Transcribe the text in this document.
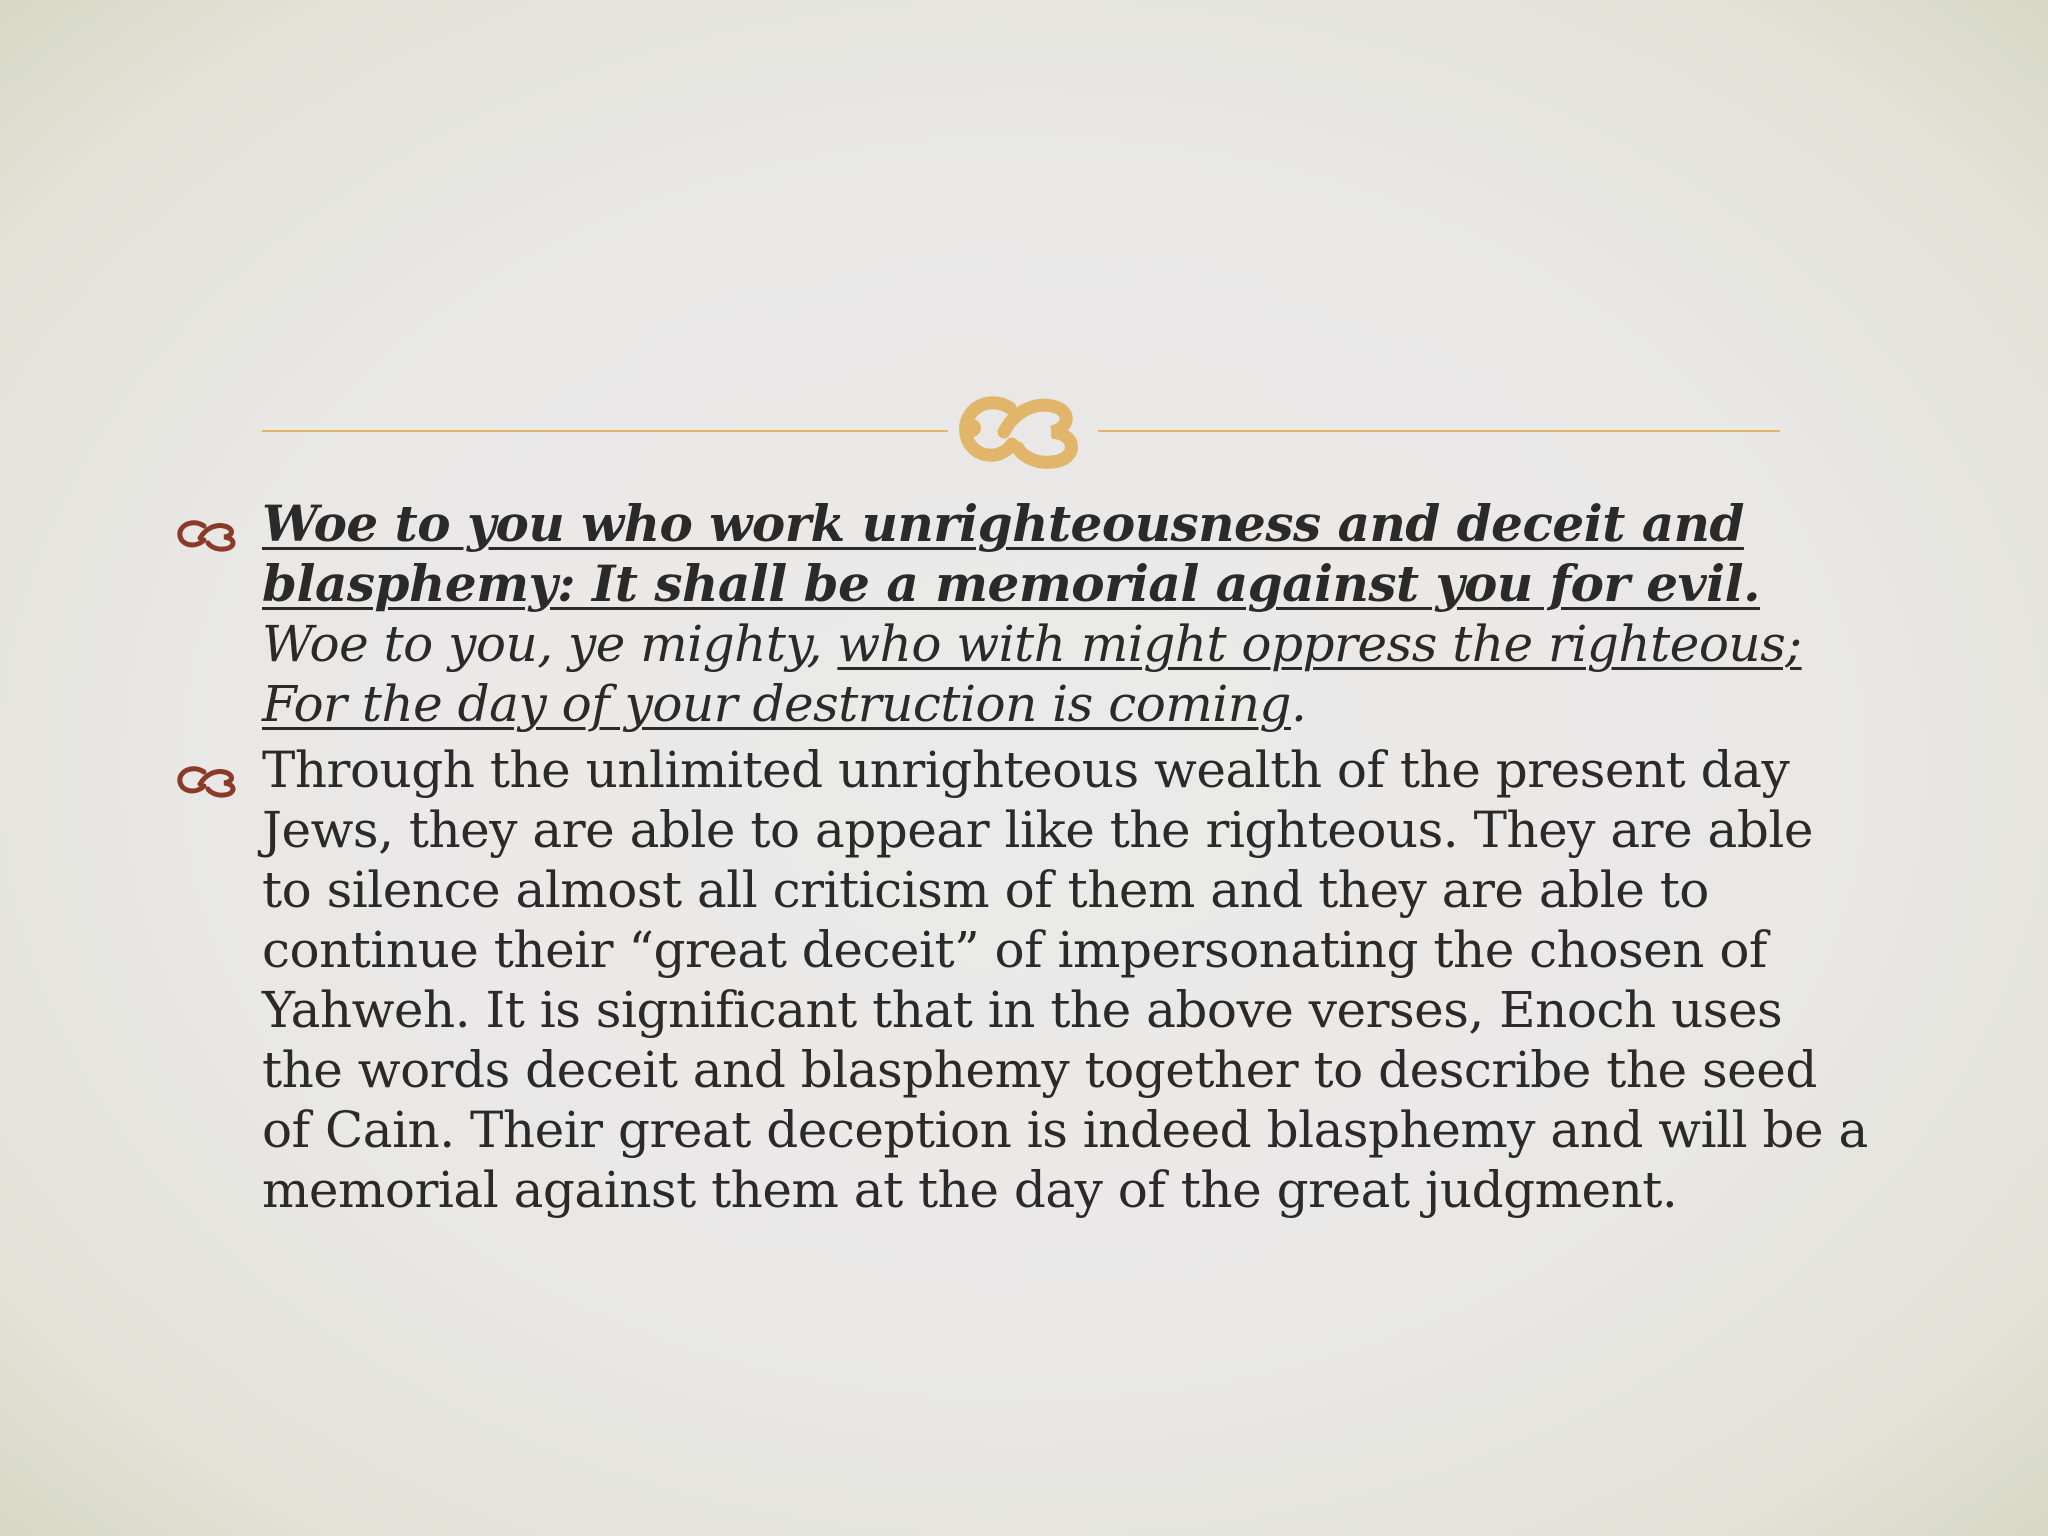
Woe to you who work unrighteousness and deceit and blasphemy: It shall be a memorial against you for evil. Woe to you, ye mighty, who with might oppress the righteous; For the day of your destruction is coming.
Through the unlimited unrighteous wealth of the present day Jews, they are able to appear like the righteous. They are able to silence almost all criticism of them and they are able to continue their “great deceit” of impersonating the chosen of Yahweh. It is significant that in the above verses, Enoch uses the words deceit and blasphemy together to describe the seed of Cain. Their great deception is indeed blasphemy and will be a memorial against them at the day of the great judgment.
